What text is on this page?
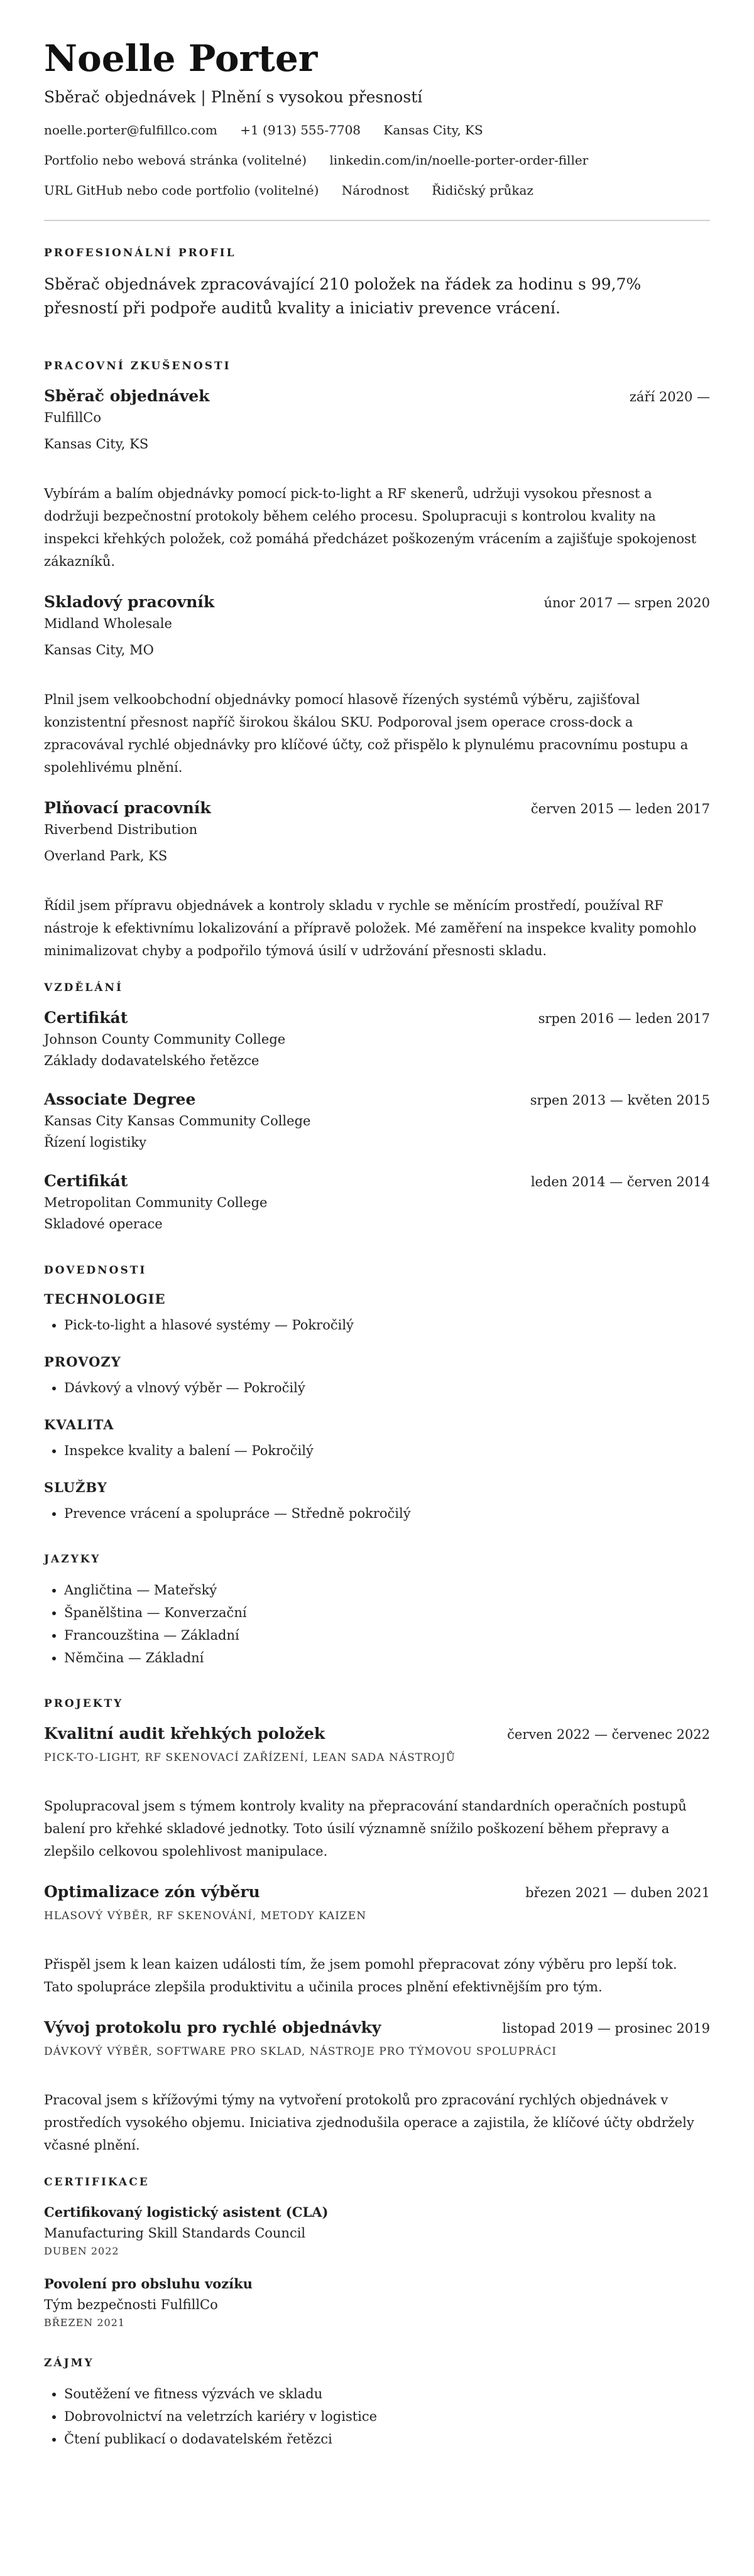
Noelle Porter
Sběrač objednávek | Plnění s vysokou přesností
noelle.porter@fulfillco.com +1 (913) 555-7708 Kansas City, KS
Portfolio nebo webová stránka (volitelné) linkedin.com/in/noelle-porter-order-filler
URL GitHub nebo code portfolio (volitelné) Národnost Řidičský průkaz
PROFESIONÁLNÍ PROFIL
Sběrač objednávek zpracovávající 210 položek na řádek za hodinu s 99,7% přesností při podpoře auditů kvality a iniciativ prevence vrácení.
PRACOVNÍ ZKUŠENOSTI
Sběrač objednávek	září 2020 —
FulfillCo
Kansas City, KS
Vybírám a balím objednávky pomocí pick-to-light a RF skenerů, udržuji vysokou přesnost a dodržuji bezpečnostní protokoly během celého procesu. Spolupracuji s kontrolou kvality na inspekci křehkých položek, což pomáhá předcházet poškozeným vrácením a zajišťuje spokojenost zákazníků.
Skladový pracovník	únor 2017 — srpen 2020
Midland Wholesale
Kansas City, MO
Plnil jsem velkoobchodní objednávky pomocí hlasově řízených systémů výběru, zajišťoval konzistentní přesnost napříč širokou škálou SKU. Podporoval jsem operace cross-dock a zpracovával rychlé objednávky pro klíčové účty, což přispělo k plynulému pracovnímu postupu a spolehlivému plnění.
Plňovací pracovník	červen 2015 — leden 2017
Riverbend Distribution
Overland Park, KS
Řídil jsem přípravu objednávek a kontroly skladu v rychle se měnícím prostředí, používal RF nástroje k efektivnímu lokalizování a přípravě položek. Mé zaměření na inspekce kvality pomohlo minimalizovat chyby a podpořilo týmová úsilí v udržování přesnosti skladu.
VZDĚLÁNÍ
Certifikát	srpen 2016 — leden 2017
Johnson County Community College
Základy dodavatelského řetězce
Associate Degree	srpen 2013 — květen 2015
Kansas City Kansas Community College
Řízení logistiky
Certifikát	leden 2014 — červen 2014
Metropolitan Community College
Skladové operace
DOVEDNOSTI
TECHNOLOGIE
• Pick-to-light a hlasové systémy — Pokročilý
PROVOZY
• Dávkový a vlnový výběr — Pokročilý
KVALITA
• Inspekce kvality a balení — Pokročilý
SLUŽBY
• Prevence vrácení a spolupráce — Středně pokročilý
JAZYKY
• Angličtina — Mateřský
• Španělština — Konverzační
• Francouzština — Základní
• Němčina — Základní
PROJEKTY
Kvalitní audit křehkých položek	červen 2022 — červenec 2022
PICK-TO-LIGHT, RF SKENOVACÍ ZAŘÍZENÍ, LEAN SADA NÁSTROJŮ
Spolupracoval jsem s týmem kontroly kvality na přepracování standardních operačních postupů balení pro křehké skladové jednotky. Toto úsilí významně snížilo poškození během přepravy a zlepšilo celkovou spolehlivost manipulace.
Optimalizace zón výběru	březen 2021 — duben 2021
HLASOVÝ VÝBĚR, RF SKENOVÁNÍ, METODY KAIZEN
Přispěl jsem k lean kaizen události tím, že jsem pomohl přepracovat zóny výběru pro lepší tok. Tato spolupráce zlepšila produktivitu a učinila proces plnění efektivnějším pro tým.
Vývoj protokolu pro rychlé objednávky	listopad 2019 — prosinec 2019
DÁVKOVÝ VÝBĚR, SOFTWARE PRO SKLAD, NÁSTROJE PRO TÝMOVOU SPOLUPRÁCI
Pracoval jsem s křížovými týmy na vytvoření protokolů pro zpracování rychlých objednávek v prostředích vysokého objemu. Iniciativa zjednodušila operace a zajistila, že klíčové účty obdržely včasné plnění.
CERTIFIKACE
Certifikovaný logistický asistent (CLA)
Manufacturing Skill Standards Council
DUBEN 2022
Povolení pro obsluhu vozíku
Tým bezpečnosti FulfillCo
BŘEZEN 2021
ZÁJMY
• Soutěžení ve fitness výzvách ve skladu
• Dobrovolnictví na veletrzích kariéry v logistice
• Čtení publikací o dodavatelském řetězci
